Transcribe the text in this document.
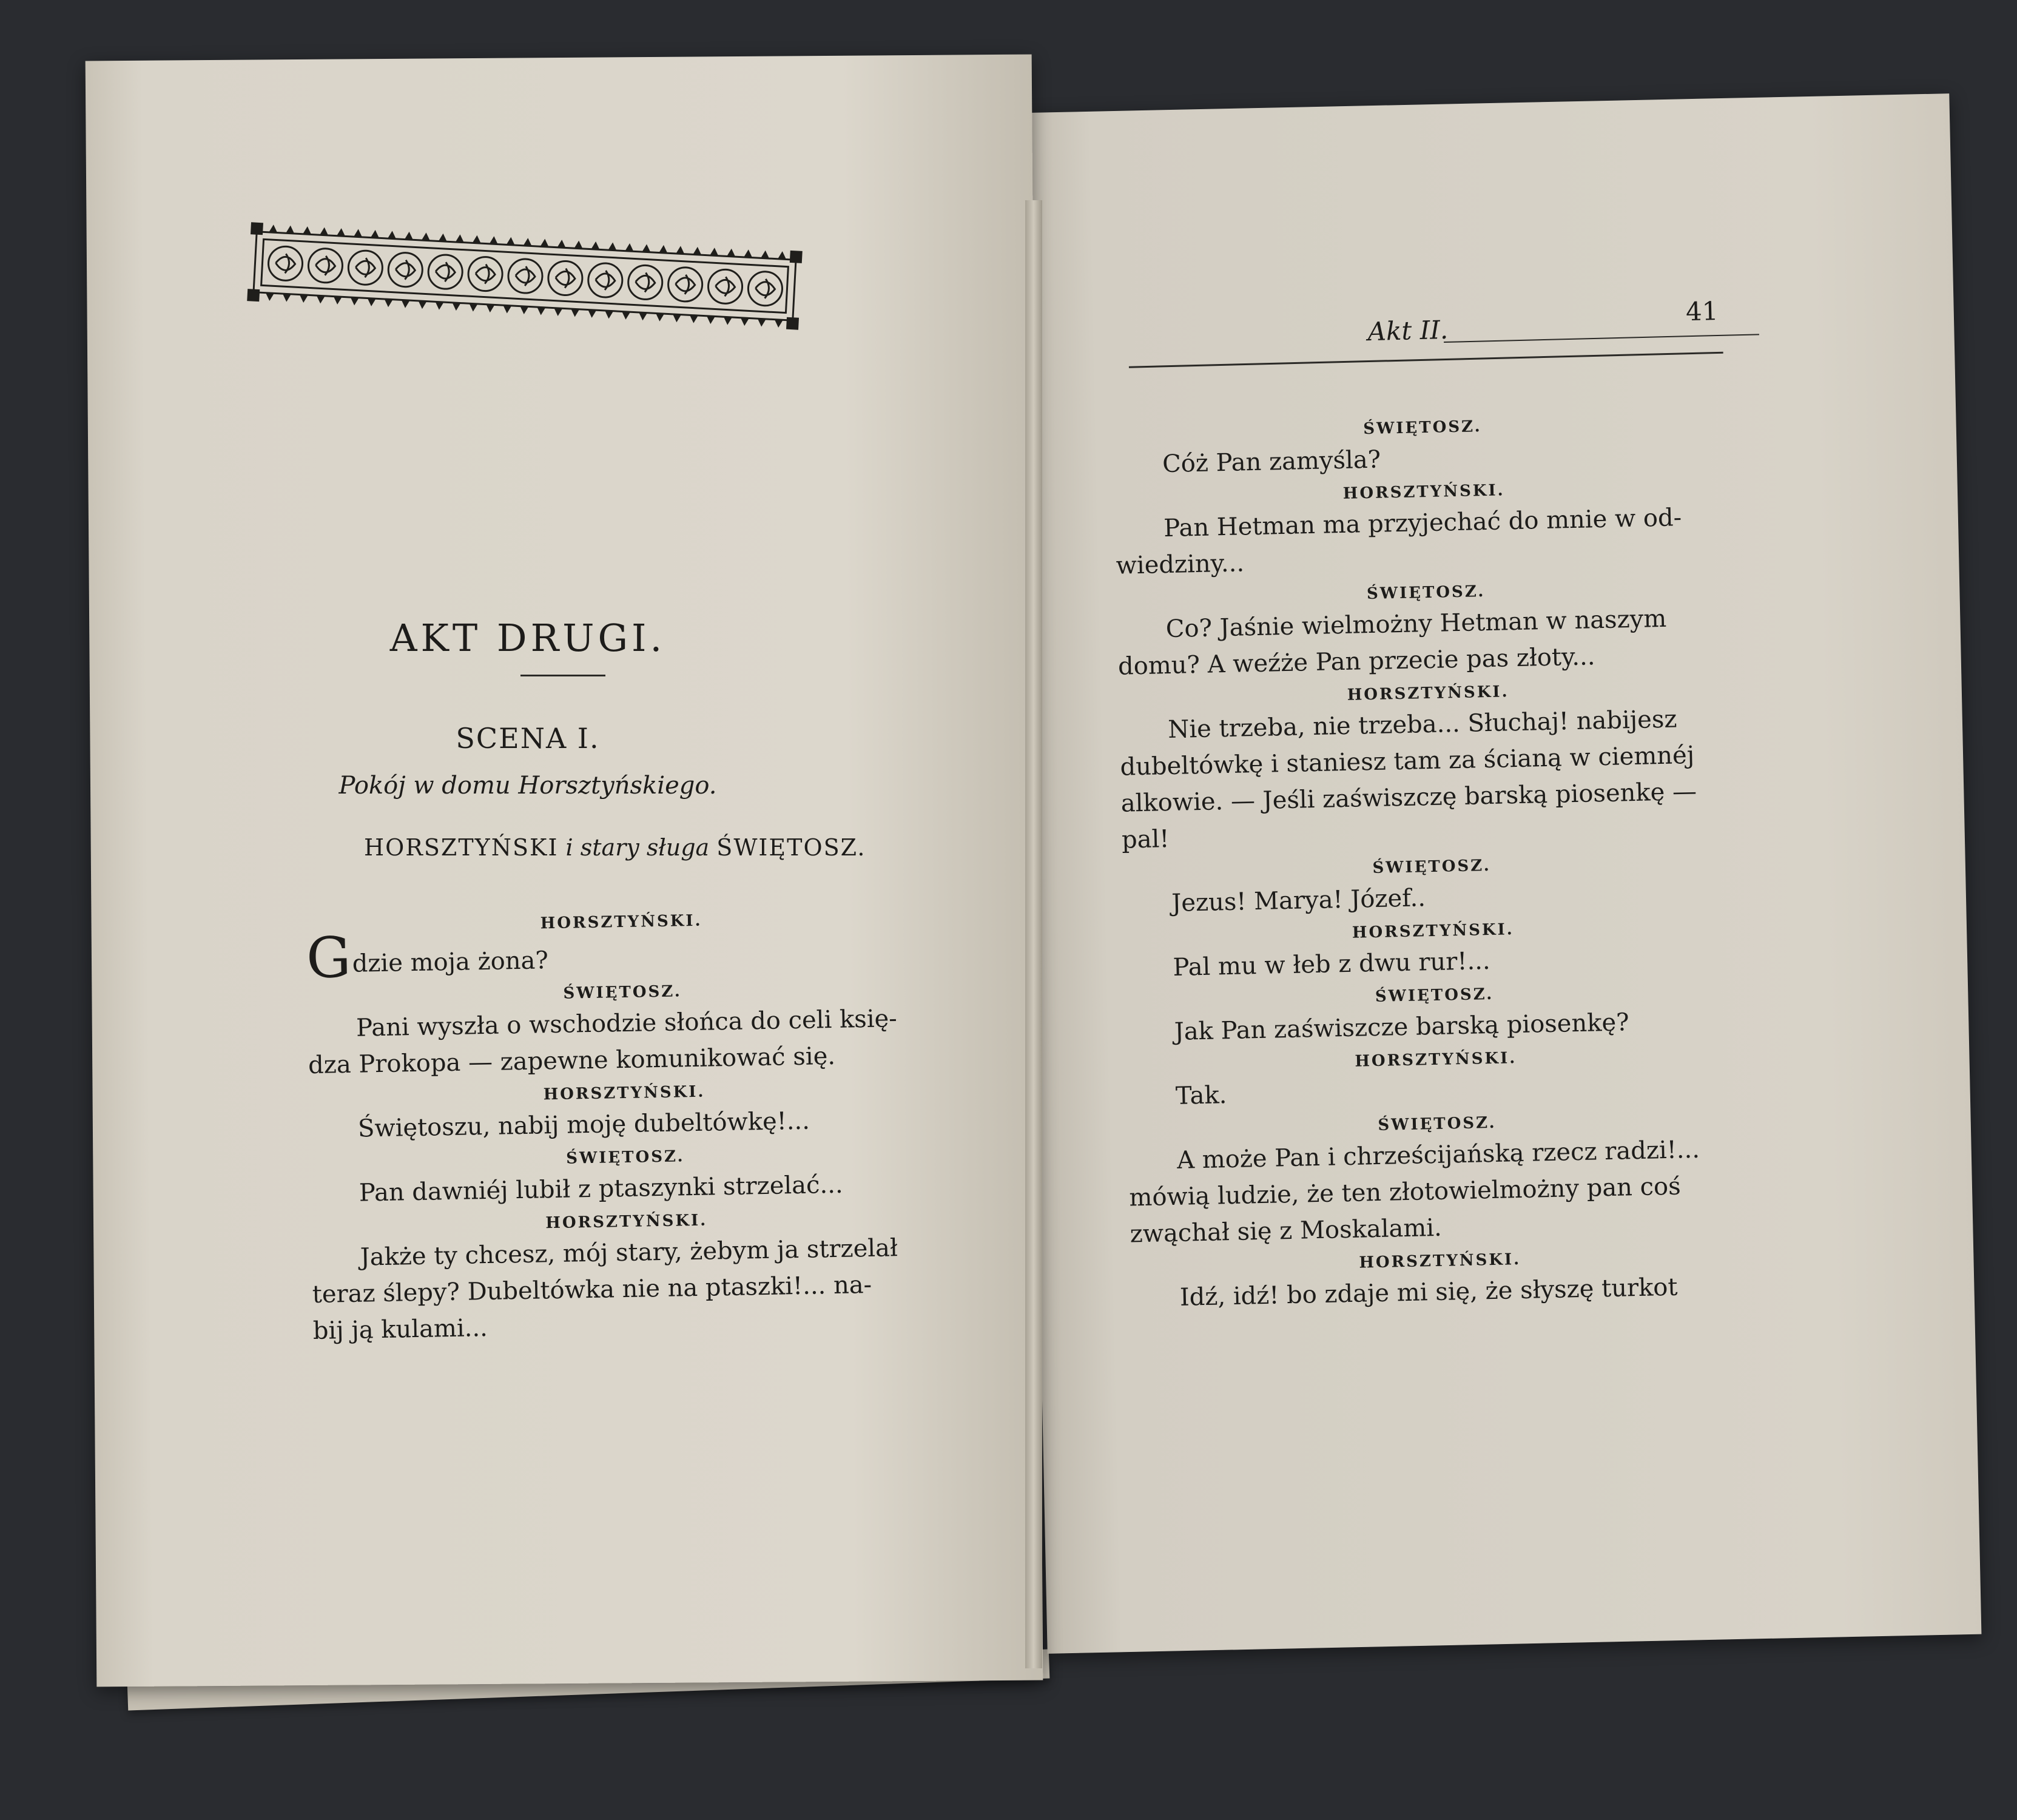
AKT DRUGI.
SCENA I.
Pokój w domu Horsztyńskiego.
HORSZTYŃSKI i stary sługa ŚWIĘTOSZ.
HORSZTYŃSKI.
Gdzie moja żona?
ŚWIĘTOSZ.
Pani wyszła o wschodzie słońca do celi księ-
dza Prokopa — zapewne komunikować się.
HORSZTYŃSKI.
Świętoszu, nabij moję dubeltówkę!...
ŚWIĘTOSZ.
Pan dawniéj lubił z ptaszynki strzelać...
HORSZTYŃSKI.
Jakże ty chcesz, mój stary, żebym ja strzelał
teraz ślepy? Dubeltówka nie na ptaszki!... na-
bij ją kulami...
Akt II.
41
ŚWIĘTOSZ.
Cóż Pan zamyśla?
HORSZTYŃSKI.
Pan Hetman ma przyjechać do mnie w od-
wiedziny...
ŚWIĘTOSZ.
Co? Jaśnie wielmożny Hetman w naszym
domu? A weźże Pan przecie pas złoty...
HORSZTYŃSKI.
Nie trzeba, nie trzeba... Słuchaj! nabijesz
dubeltówkę i staniesz tam za ścianą w ciemnéj
alkowie. — Jeśli zaświszczę barską piosenkę —
pal!
ŚWIĘTOSZ.
Jezus! Marya! Józef..
HORSZTYŃSKI.
Pal mu w łeb z dwu rur!...
ŚWIĘTOSZ.
Jak Pan zaświszcze barską piosenkę?
HORSZTYŃSKI.
Tak.
ŚWIĘTOSZ.
A może Pan i chrześcijańską rzecz radzi!...
mówią ludzie, że ten złotowielmożny pan coś
zwąchał się z Moskalami.
HORSZTYŃSKI.
Idź, idź! bo zdaje mi się, że słyszę turkot
